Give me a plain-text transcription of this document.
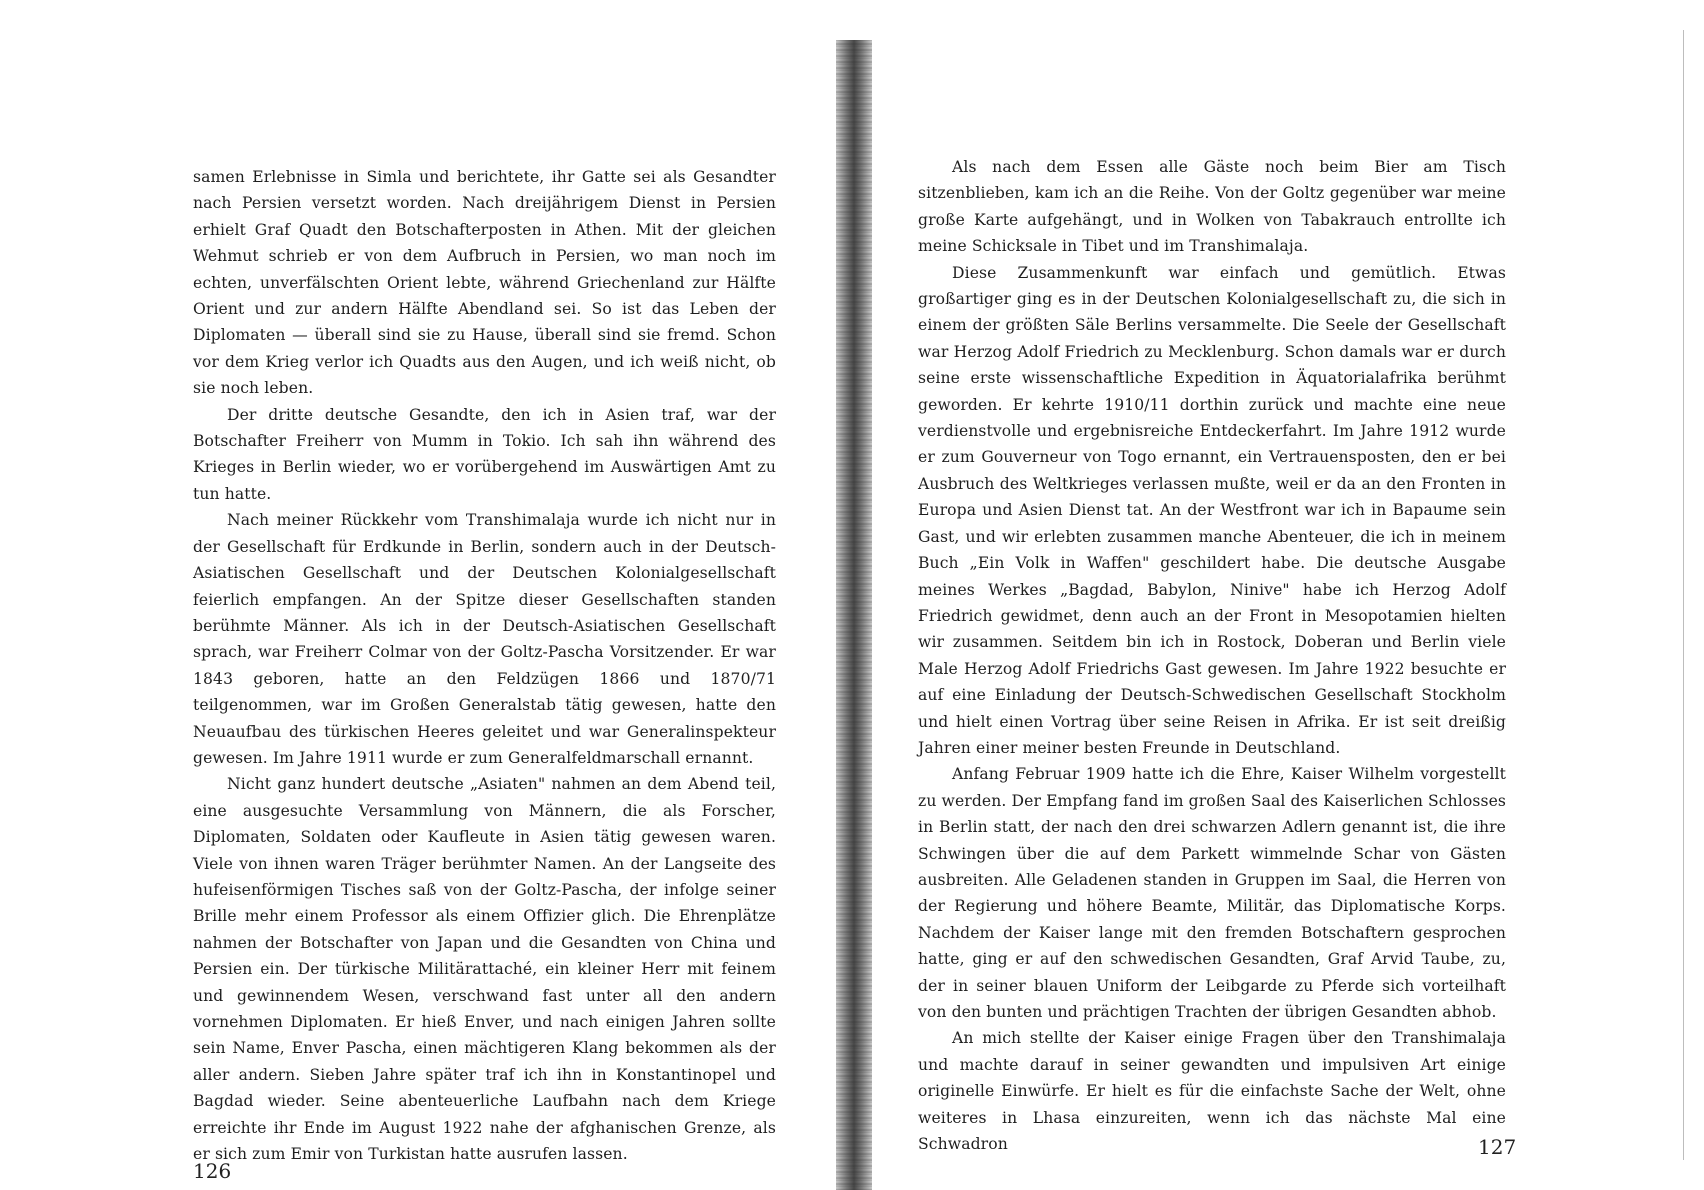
samen Erlebnisse in Simla und berichtete, ihr Gatte sei als Gesandter nach Persien versetzt worden. Nach dreijährigem Dienst in Persien erhielt Graf Quadt den Botschafterposten in Athen. Mit der gleichen Wehmut schrieb er von dem Aufbruch in Persien, wo man noch im echten, unverfälschten Orient lebte, während Griechenland zur Hälfte Orient und zur andern Hälfte Abendland sei. So ist das Leben der Diplomaten — überall sind sie zu Hause, überall sind sie fremd. Schon vor dem Krieg verlor ich Quadts aus den Augen, und ich weiß nicht, ob sie noch leben.

Der dritte deutsche Gesandte, den ich in Asien traf, war der Botschafter Freiherr von Mumm in Tokio. Ich sah ihn während des Krieges in Berlin wieder, wo er vorübergehend im Auswärtigen Amt zu tun hatte.

Nach meiner Rückkehr vom Transhimalaja wurde ich nicht nur in der Gesellschaft für Erdkunde in Berlin, sondern auch in der Deutsch-Asiatischen Gesellschaft und der Deutschen Kolonialgesellschaft feierlich empfangen. An der Spitze dieser Gesellschaften standen berühmte Männer. Als ich in der Deutsch-Asiatischen Gesellschaft sprach, war Freiherr Colmar von der Goltz-Pascha Vorsitzender. Er war 1843 geboren, hatte an den Feldzügen 1866 und 1870/71 teilgenommen, war im Großen Generalstab tätig gewesen, hatte den Neuaufbau des türkischen Heeres geleitet und war Generalinspekteur gewesen. Im Jahre 1911 wurde er zum Generalfeldmarschall ernannt.

Nicht ganz hundert deutsche „Asiaten" nahmen an dem Abend teil, eine ausgesuchte Versammlung von Männern, die als Forscher, Diplomaten, Soldaten oder Kaufleute in Asien tätig gewesen waren. Viele von ihnen waren Träger berühmter Namen. An der Langseite des hufeisenförmigen Tisches saß von der Goltz-Pascha, der infolge seiner Brille mehr einem Professor als einem Offizier glich. Die Ehrenplätze nahmen der Botschafter von Japan und die Gesandten von China und Persien ein. Der türkische Militärattaché, ein kleiner Herr mit feinem und gewinnendem Wesen, verschwand fast unter all den andern vornehmen Diplomaten. Er hieß Enver, und nach einigen Jahren sollte sein Name, Enver Pascha, einen mächtigeren Klang bekommen als der aller andern. Sieben Jahre später traf ich ihn in Konstantinopel und Bagdad wieder. Seine abenteuerliche Laufbahn nach dem Kriege erreichte ihr Ende im August 1922 nahe der afghanischen Grenze, als er sich zum Emir von Turkistan hatte ausrufen lassen.

126

Als nach dem Essen alle Gäste noch beim Bier am Tisch sitzenblieben, kam ich an die Reihe. Von der Goltz gegenüber war meine große Karte aufgehängt, und in Wolken von Tabakrauch entrollte ich meine Schicksale in Tibet und im Transhimalaja.

Diese Zusammenkunft war einfach und gemütlich. Etwas großartiger ging es in der Deutschen Kolonialgesellschaft zu, die sich in einem der größten Säle Berlins versammelte. Die Seele der Gesellschaft war Herzog Adolf Friedrich zu Mecklenburg. Schon damals war er durch seine erste wissenschaftliche Expedition in Äquatorialafrika berühmt geworden. Er kehrte 1910/11 dorthin zurück und machte eine neue verdienstvolle und ergebnisreiche Entdeckerfahrt. Im Jahre 1912 wurde er zum Gouverneur von Togo ernannt, ein Vertrauensposten, den er bei Ausbruch des Weltkrieges verlassen mußte, weil er da an den Fronten in Europa und Asien Dienst tat. An der Westfront war ich in Bapaume sein Gast, und wir erlebten zusammen manche Abenteuer, die ich in meinem Buch „Ein Volk in Waffen" geschildert habe. Die deutsche Ausgabe meines Werkes „Bagdad, Babylon, Ninive" habe ich Herzog Adolf Friedrich gewidmet, denn auch an der Front in Mesopotamien hielten wir zusammen. Seitdem bin ich in Rostock, Doberan und Berlin viele Male Herzog Adolf Friedrichs Gast gewesen. Im Jahre 1922 besuchte er auf eine Einladung der Deutsch-Schwedischen Gesellschaft Stockholm und hielt einen Vortrag über seine Reisen in Afrika. Er ist seit dreißig Jahren einer meiner besten Freunde in Deutschland.

Anfang Februar 1909 hatte ich die Ehre, Kaiser Wilhelm vorgestellt zu werden. Der Empfang fand im großen Saal des Kaiserlichen Schlosses in Berlin statt, der nach den drei schwarzen Adlern genannt ist, die ihre Schwingen über die auf dem Parkett wimmelnde Schar von Gästen ausbreiten. Alle Geladenen standen in Gruppen im Saal, die Herren von der Regierung und höhere Beamte, Militär, das Diplomatische Korps. Nachdem der Kaiser lange mit den fremden Botschaftern gesprochen hatte, ging er auf den schwedischen Gesandten, Graf Arvid Taube, zu, der in seiner blauen Uniform der Leibgarde zu Pferde sich vorteilhaft von den bunten und prächtigen Trachten der übrigen Gesandten abhob.

An mich stellte der Kaiser einige Fragen über den Transhimalaja und machte darauf in seiner gewandten und impulsiven Art einige originelle Einwürfe. Er hielt es für die einfachste Sache der Welt, ohne weiteres in Lhasa einzureiten, wenn ich das nächste Mal eine Schwadron	127
